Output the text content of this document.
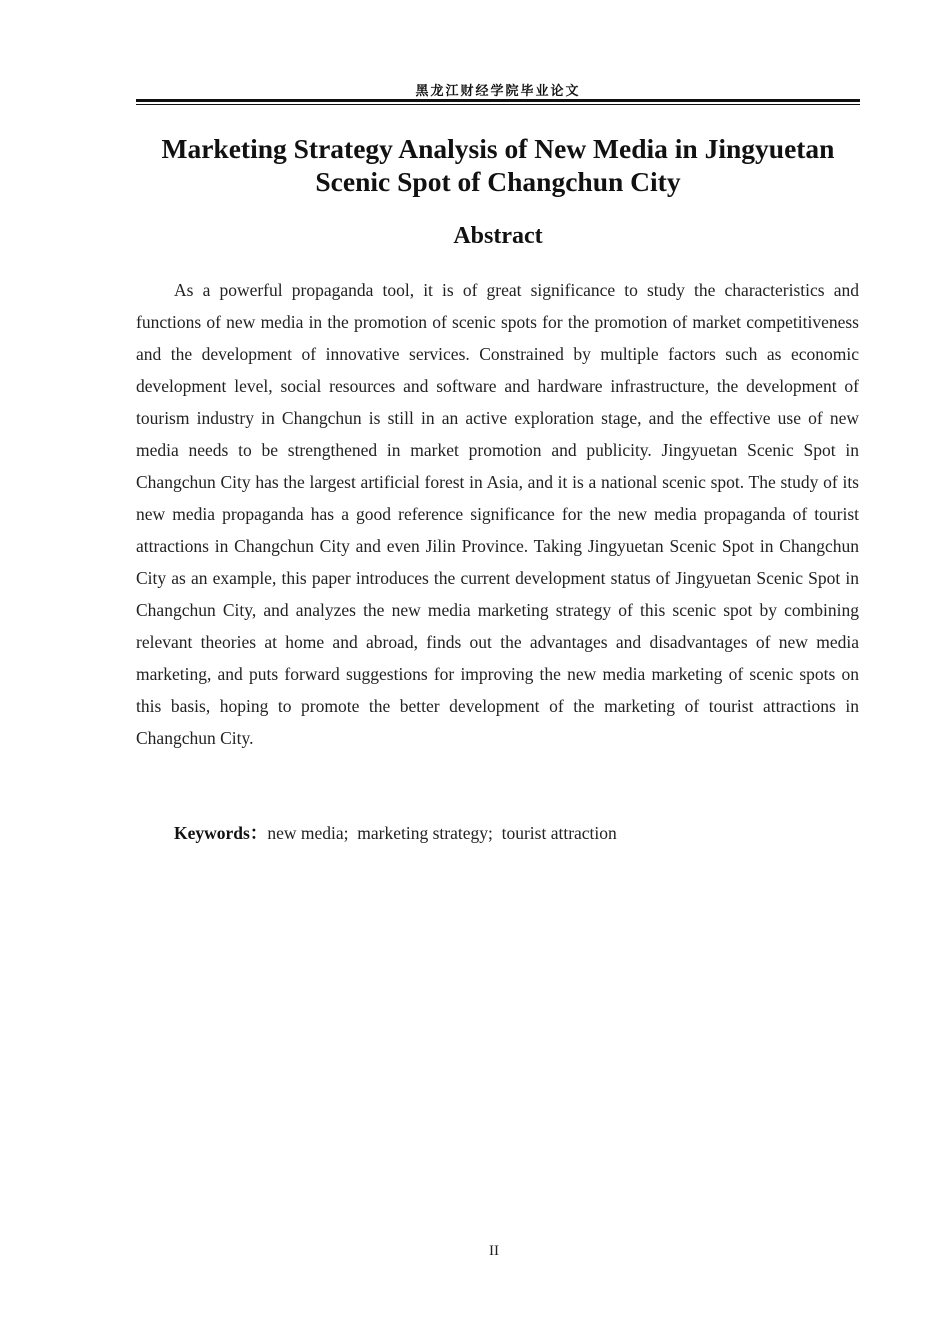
黑龙江财经学院毕业论文
Marketing Strategy Analysis of New Media in Jingyuetan Scenic Spot of Changchun City
Abstract

As a powerful propaganda tool, it is of great significance to study the characteristics and functions of new media in the promotion of scenic spots for the promotion of market competitiveness and the development of innovative services. Constrained by multiple factors such as economic development level, social resources and software and hardware infrastructure, the development of tourism industry in Changchun is still in an active exploration stage, and the effective use of new media needs to be strengthened in market promotion and publicity. Jingyuetan Scenic Spot in Changchun City has the largest artificial forest in Asia, and it is a national scenic spot. The study of its new media propaganda has a good reference significance for the new media propaganda of tourist attractions in Changchun City and even Jilin Province. Taking Jingyuetan Scenic Spot in Changchun City as an example, this paper introduces the current development status of Jingyuetan Scenic Spot in Changchun City, and analyzes the new media marketing strategy of this scenic spot by combining relevant theories at home and abroad, finds out the advantages and disadvantages of new media marketing, and puts forward suggestions for improving the new media marketing of scenic spots on this basis, hoping to promote the better development of the marketing of tourist attractions in Changchun City.

Keywords：new media;  marketing strategy;  tourist attraction
II
